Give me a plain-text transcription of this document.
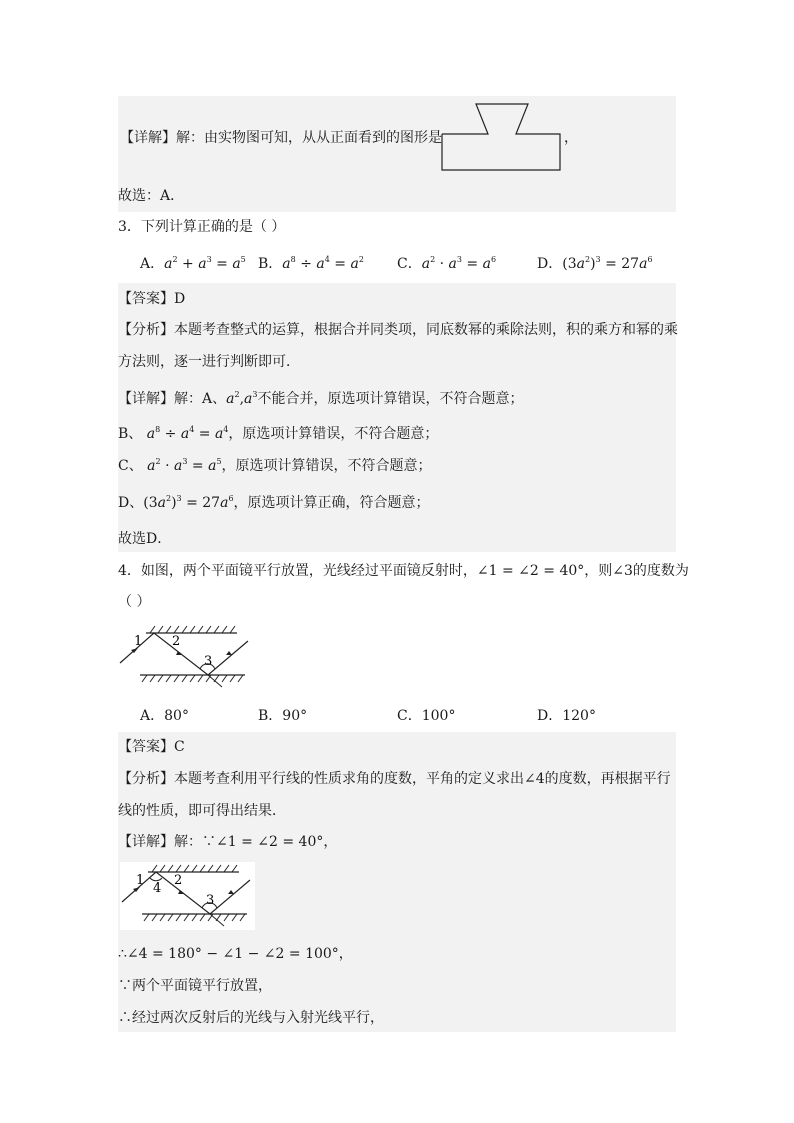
【详解】解：由实物图可知，从从正面看到的图形是	，
故选：A．
3．下列计算正确的是（ ）
A．$a^2 + a^3 = a^5$ B．$a^8 \div a^4 = a^2$ C．$a^2 \cdot a^3 = a^6$	D．$(3a^2)^3 = 27a^6$
【答案】D
【分析】本题考查整式的运算，根据合并同类项，同底数幂的乘除法则，积的乘方和幂的乘
方法则，逐一进行判断即可．
【详解】解：A、$a^2,a^3$不能合并，原选项计算错误，不符合题意；
B、 $a^8 \div a^4 = a^4$，原选项计算错误，不符合题意；
C、 $a^2 \cdot a^3 = a^5$，原选项计算错误，不符合题意；
D、$(3a^2)^3 = 27a^6$，原选项计算正确，符合题意；
故选D．
4．如图，两个平面镜平行放置，光线经过平面镜反射时，∠1 = ∠2 = 40°，则∠3的度数为
（ ）
1 2
3
A．80°	B．90°	C．100°	D．120°
【答案】C
【分析】本题考查利用平行线的性质求角的度数，平角的定义求出∠4的度数，再根据平行
线的性质，即可得出结果．
【详解】解：∵∠1 = ∠2 = 40°，
1
4
2
3
∴∠4 = 180° − ∠1 − ∠2 = 100°，
∵两个平面镜平行放置，
∴经过两次反射后的光线与入射光线平行，
